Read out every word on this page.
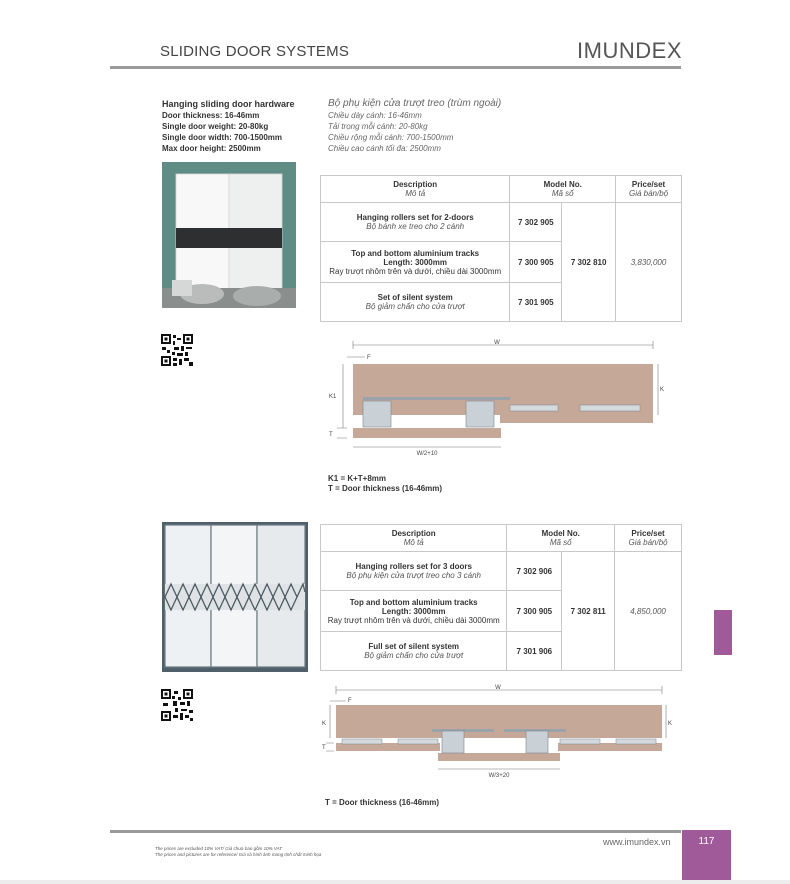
SLIDING DOOR SYSTEMS	IMUNDEX
Hanging sliding door hardware
Door thickness: 16-46mm
Single door weight: 20-80kg
Single door width: 700-1500mm
Max door height: 2500mm
Bộ phụ kiện cửa trượt treo (trùm ngoài)
Chiều dày cánh: 16-46mm
Tải trọng mỗi cánh: 20-80kg
Chiều rộng mỗi cánh: 700-1500mm
Chiều cao cánh tối đa: 2500mm
Description
Mô tả	Model No.
Mã số		Price/set
Giá bán/bộ

Hanging rollers set for 2-doors
Bộ bánh xe treo cho 2 cánh	7 302 905	7 302 810	3,830,000
Top and bottom aluminium tracks
Length: 3000mm
Ray trượt nhôm trên và dưới, chiều dài 3000mm	7 300 905		
Set of silent system
Bộ giảm chấn cho cửa trượt	7 301 905		
W
F
K1
K
T
W/2+10
K1 = K+T+8mm
T = Door thickness (16-46mm)
Description
Mô tả	Model No.
Mã số		Price/set
Giá bán/bộ

Hanging rollers set for 3 doors
Bộ phụ kiện cửa trượt treo cho 3 cánh	7 302 906	7 302 811	4,850,000
Top and bottom aluminium tracks
Length: 3000mm
Ray trượt nhôm trên và dưới, chiều dài 3000mm	7 300 905		
Full set of silent system
Bộ giảm chấn cho cửa trượt	7 301 906		
W
F
K	K
T
W/3+20
T = Door thickness (16-46mm)
The prices are excluded 10% VAT/ Giá chưa bao gồm 10% VAT
The prices and pictures are for reference/ Giá và hình ảnh mang tính chất minh họa
www.imundex.vn	117
